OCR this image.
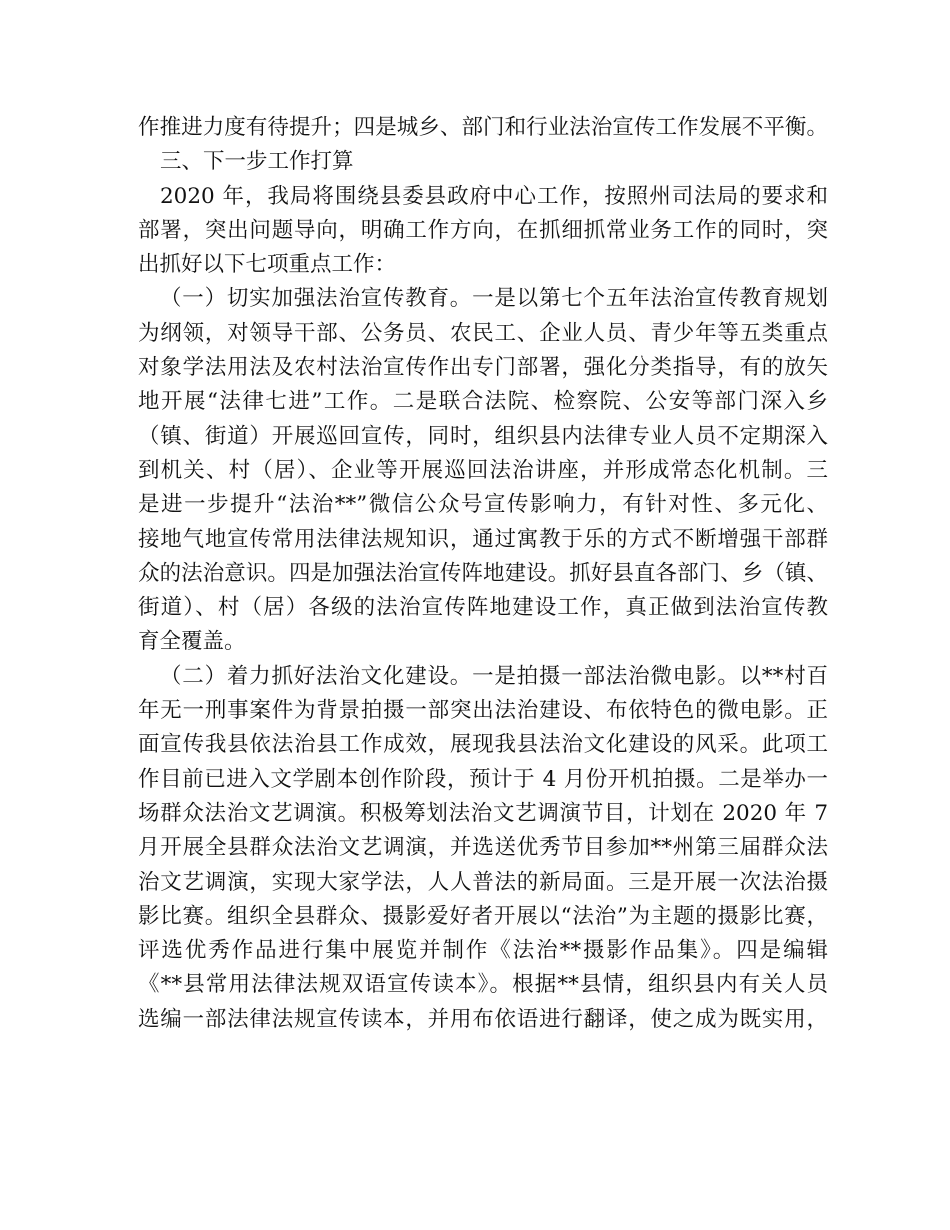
作推进力度有待提升；四是城乡、部门和行业法治宣传工作发展不平衡。
三、下一步工作打算
2020 年，我局将围绕县委县政府中心工作，按照州司法局的要求和
部署，突出问题导向，明确工作方向，在抓细抓常业务工作的同时，突
出抓好以下七项重点工作：
（一）切实加强法治宣传教育。一是以第七个五年法治宣传教育规划
为纲领，对领导干部、公务员、农民工、企业人员、青少年等五类重点
对象学法用法及农村法治宣传作出专门部署，强化分类指导，有的放矢
地开展“法律七进”工作。二是联合法院、检察院、公安等部门深入乡
（镇、街道）开展巡回宣传，同时，组织县内法律专业人员不定期深入
到机关、村（居）、企业等开展巡回法治讲座，并形成常态化机制。三
是进一步提升“法治**”微信公众号宣传影响力，有针对性、多元化、
接地气地宣传常用法律法规知识，通过寓教于乐的方式不断增强干部群
众的法治意识。四是加强法治宣传阵地建设。抓好县直各部门、乡（镇、
街道）、村（居）各级的法治宣传阵地建设工作，真正做到法治宣传教
育全覆盖。
（二）着力抓好法治文化建设。一是拍摄一部法治微电影。以**村百
年无一刑事案件为背景拍摄一部突出法治建设、布依特色的微电影。正
面宣传我县依法治县工作成效，展现我县法治文化建设的风采。此项工
作目前已进入文学剧本创作阶段，预计于 4 月份开机拍摄。二是举办一
场群众法治文艺调演。积极筹划法治文艺调演节目，计划在 2020 年 7
月开展全县群众法治文艺调演，并选送优秀节目参加**州第三届群众法
治文艺调演，实现大家学法，人人普法的新局面。三是开展一次法治摄
影比赛。组织全县群众、摄影爱好者开展以“法治”为主题的摄影比赛，
评选优秀作品进行集中展览并制作《法治**摄影作品集》。四是编辑
《**县常用法律法规双语宣传读本》。根据**县情，组织县内有关人员
选编一部法律法规宣传读本，并用布依语进行翻译，使之成为既实用，
